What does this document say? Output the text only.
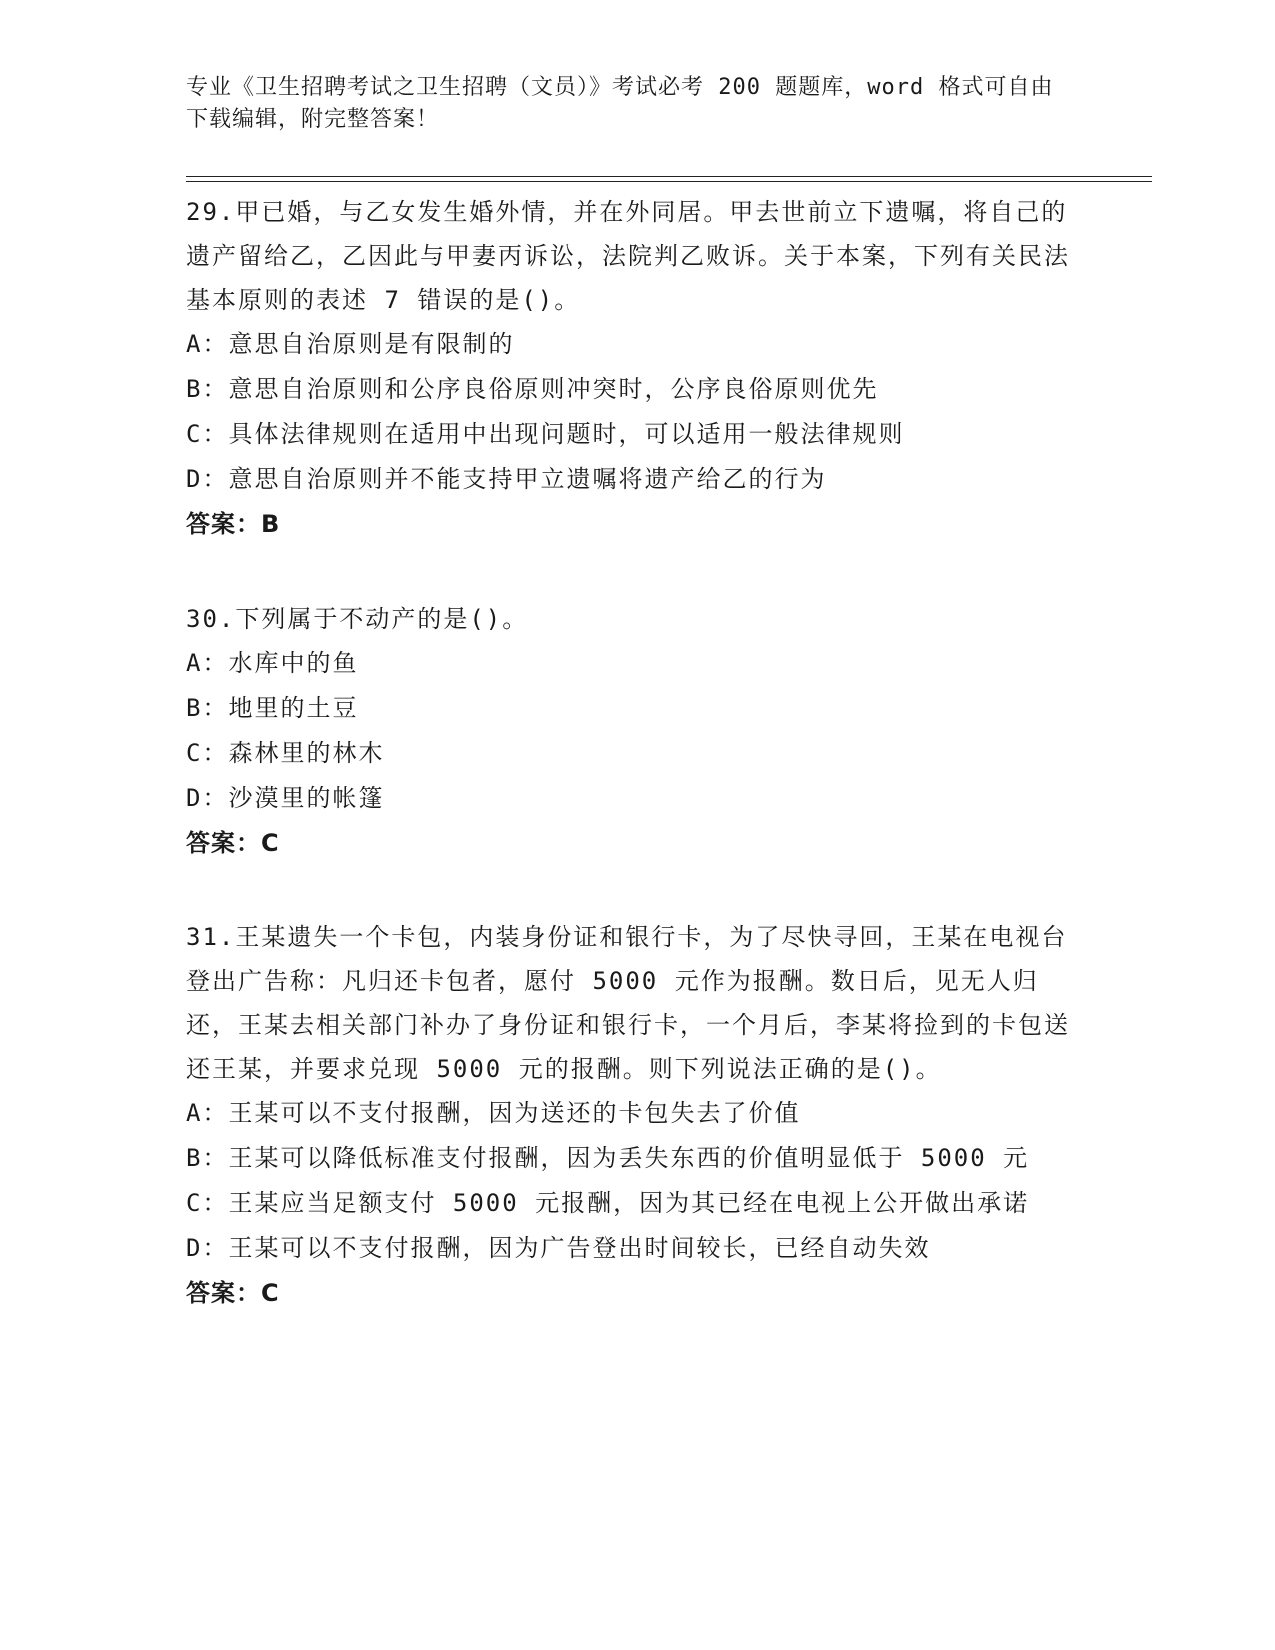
专业《卫生招聘考试之卫生招聘（文员）》考试必考 200 题题库，word 格式可自由下载编辑，附完整答案！

29.甲已婚，与乙女发生婚外情，并在外同居。甲去世前立下遗嘱，将自己的遗产留给乙，乙因此与甲妻丙诉讼，法院判乙败诉。关于本案，下列有关民法基本原则的表述 7 错误的是()。

A：意思自治原则是有限制的

B：意思自治原则和公序良俗原则冲突时，公序良俗原则优先

C：具体法律规则在适用中出现问题时，可以适用一般法律规则

D：意思自治原则并不能支持甲立遗嘱将遗产给乙的行为

答案：B

30.下列属于不动产的是()。

A：水库中的鱼

B：地里的土豆

C：森林里的林木

D：沙漠里的帐篷

答案：C

31.王某遗失一个卡包，内装身份证和银行卡，为了尽快寻回，王某在电视台登出广告称：凡归还卡包者，愿付 5000 元作为报酬。数日后，见无人归还，王某去相关部门补办了身份证和银行卡，一个月后，李某将捡到的卡包送还王某，并要求兑现 5000 元的报酬。则下列说法正确的是()。

A：王某可以不支付报酬，因为送还的卡包失去了价值

B：王某可以降低标准支付报酬，因为丢失东西的价值明显低于 5000 元

C：王某应当足额支付 5000 元报酬，因为其已经在电视上公开做出承诺

D：王某可以不支付报酬，因为广告登出时间较长，已经自动失效

答案：C
